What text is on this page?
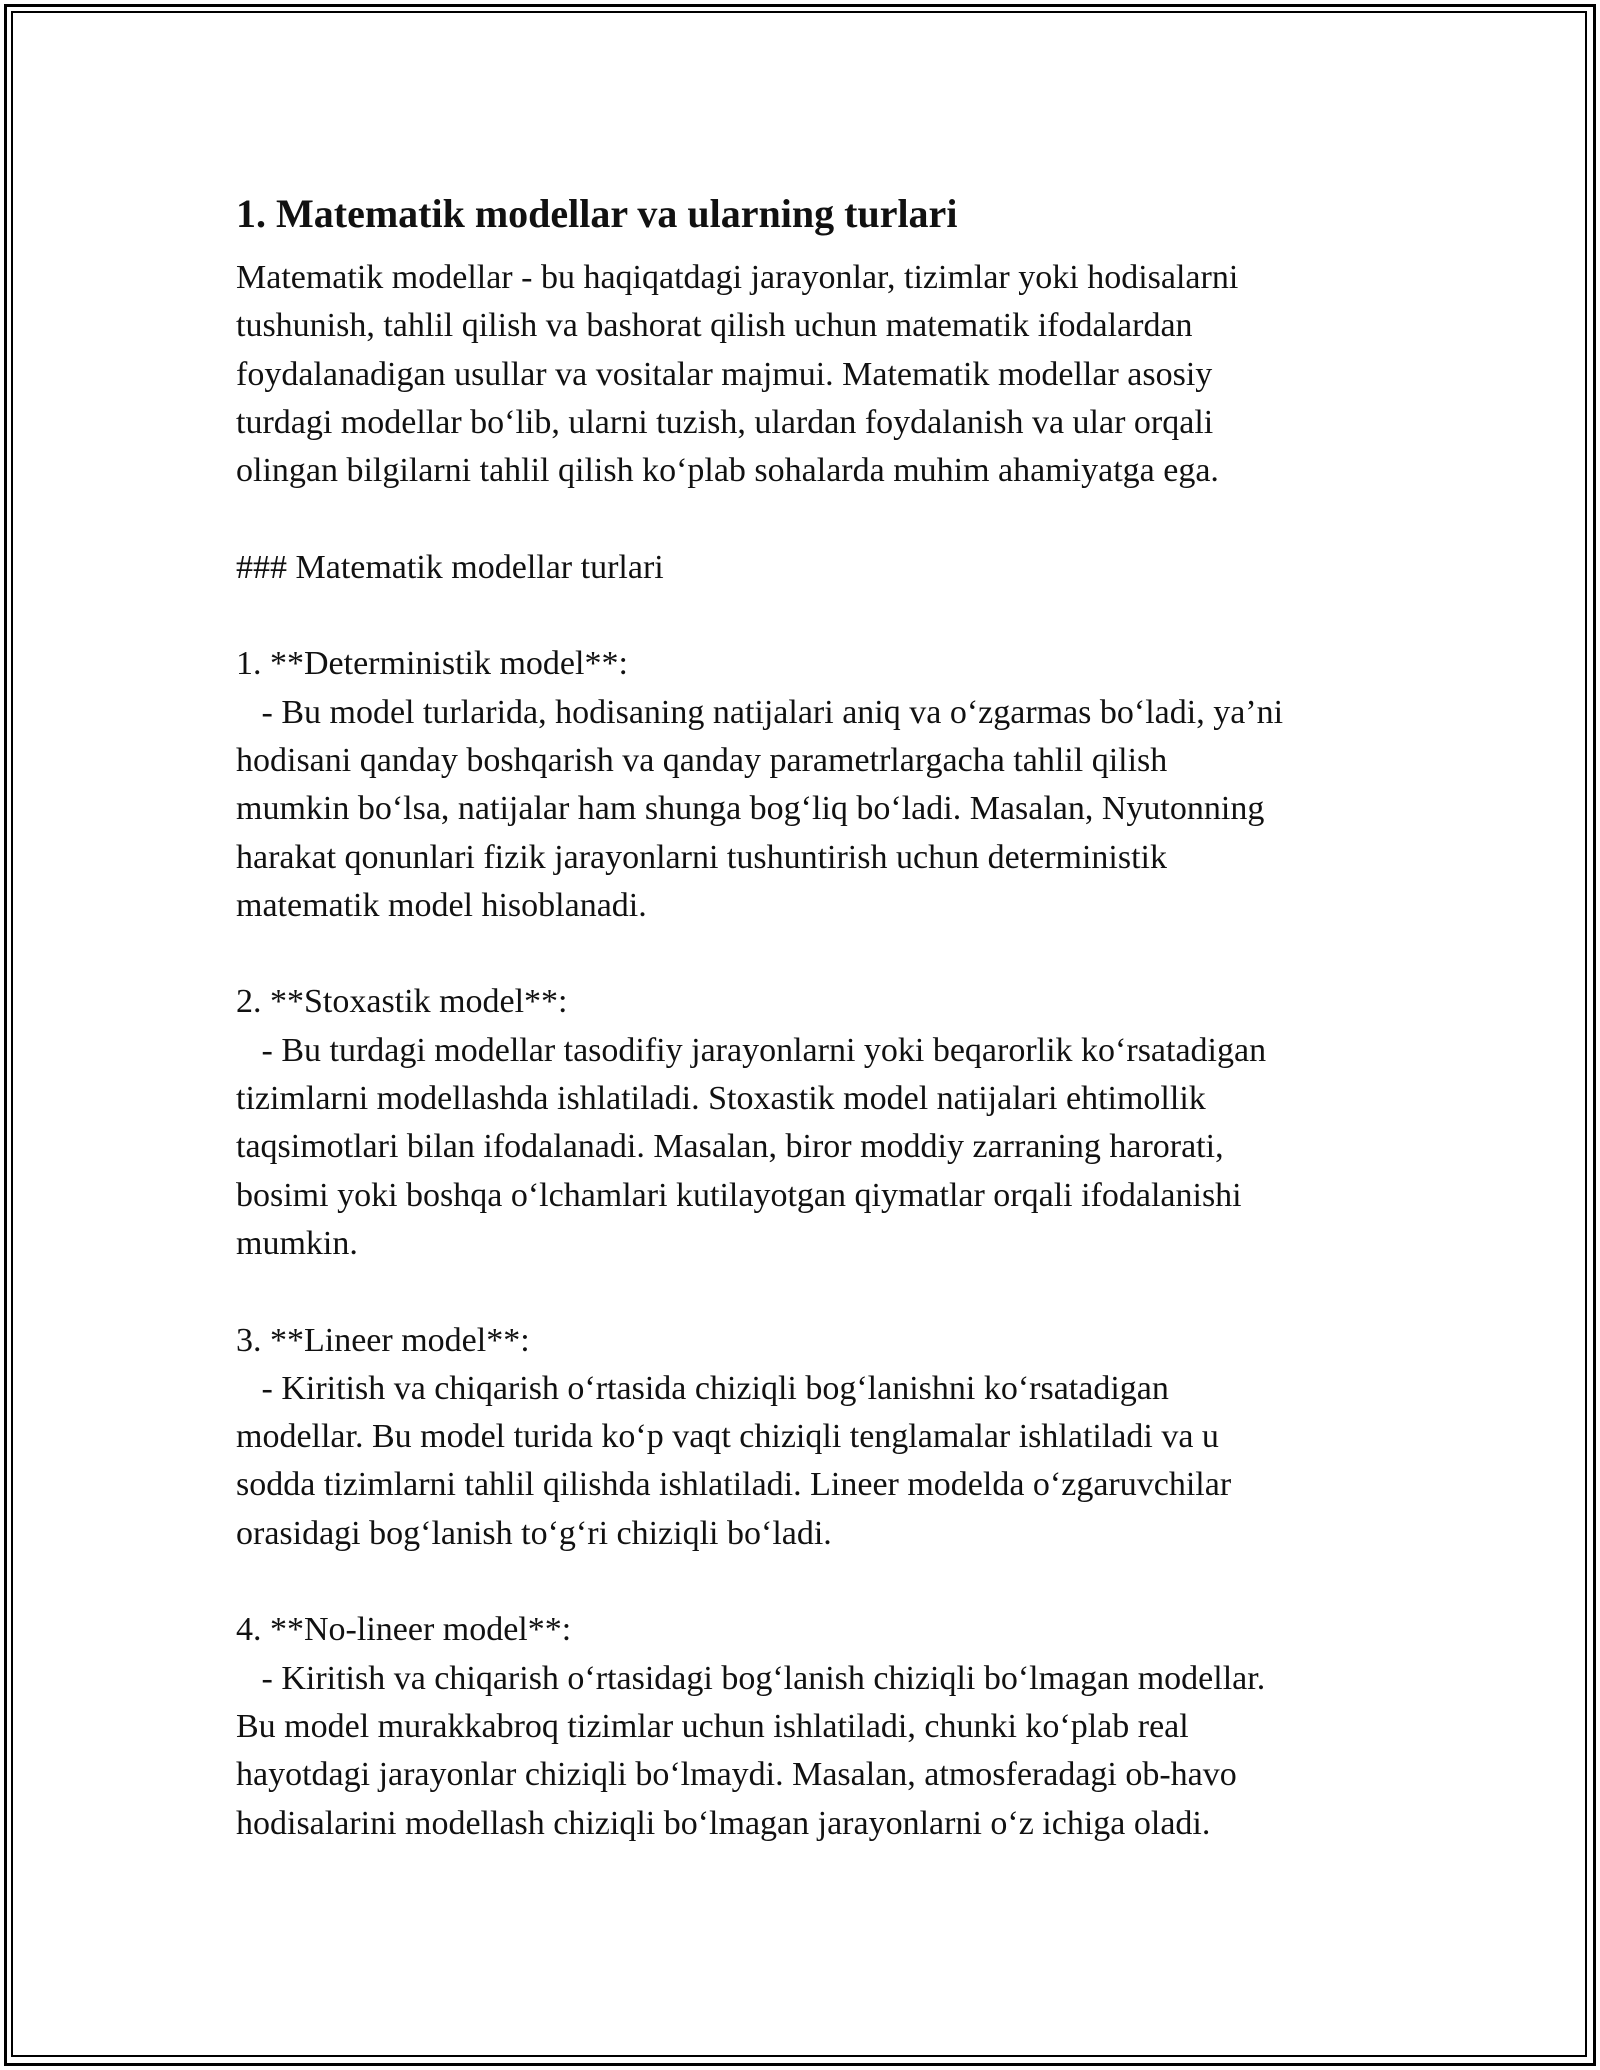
1. Matematik modellar va ularning turlari
Matematik modellar - bu haqiqatdagi jarayonlar, tizimlar yoki hodisalarni
tushunish, tahlil qilish va bashorat qilish uchun matematik ifodalardan
foydalanadigan usullar va vositalar majmui. Matematik modellar asosiy
turdagi modellar bo‘lib, ularni tuzish, ulardan foydalanish va ular orqali
olingan bilgilarni tahlil qilish ko‘plab sohalarda muhim ahamiyatga ega.
### Matematik modellar turlari
1. **Deterministik model**:
- Bu model turlarida, hodisaning natijalari aniq va o‘zgarmas bo‘ladi, ya’ni
hodisani qanday boshqarish va qanday parametrlargacha tahlil qilish
mumkin bo‘lsa, natijalar ham shunga bog‘liq bo‘ladi. Masalan, Nyutonning
harakat qonunlari fizik jarayonlarni tushuntirish uchun deterministik
matematik model hisoblanadi.
2. **Stoxastik model**:
- Bu turdagi modellar tasodifiy jarayonlarni yoki beqarorlik ko‘rsatadigan
tizimlarni modellashda ishlatiladi. Stoxastik model natijalari ehtimollik
taqsimotlari bilan ifodalanadi. Masalan, biror moddiy zarraning harorati,
bosimi yoki boshqa o‘lchamlari kutilayotgan qiymatlar orqali ifodalanishi
mumkin.
3. **Lineer model**:
- Kiritish va chiqarish o‘rtasida chiziqli bog‘lanishni ko‘rsatadigan
modellar. Bu model turida ko‘p vaqt chiziqli tenglamalar ishlatiladi va u
sodda tizimlarni tahlil qilishda ishlatiladi. Lineer modelda o‘zgaruvchilar
orasidagi bog‘lanish to‘g‘ri chiziqli bo‘ladi.
4. **No-lineer model**:
- Kiritish va chiqarish o‘rtasidagi bog‘lanish chiziqli bo‘lmagan modellar.
Bu model murakkabroq tizimlar uchun ishlatiladi, chunki ko‘plab real
hayotdagi jarayonlar chiziqli bo‘lmaydi. Masalan, atmosferadagi ob-havo
hodisalarini modellash chiziqli bo‘lmagan jarayonlarni o‘z ichiga oladi.
